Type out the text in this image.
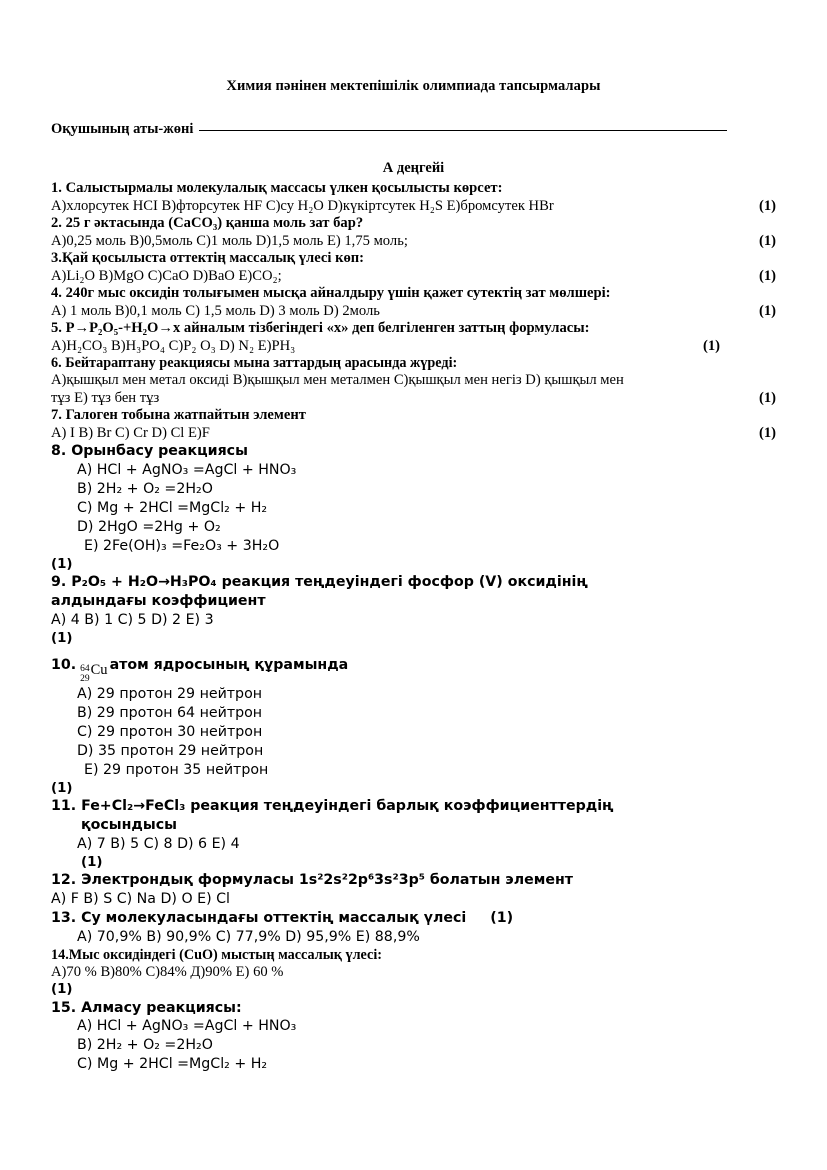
Химия пәнінен мектепішілік олимпиада тапсырмалары
Оқушының аты-жөні
А деңгейі
1. Салыстырмалы молекулалық массасы үлкен қосылысты көрсет:
A)хлорсутек HCI B)фторсутек HF C)су H₂O D)күкіртсутек H₂S E)бромсутек HBr	(1)
2. 25 г әктасында (CaCO₃) қанша моль зат бар?
A)0,25 моль B)0,5моль C)1 моль D)1,5 моль E) 1,75 моль;	(1)
3.Қай қосылыста оттектің массалық үлесі көп:
A)Li₂O B)MgO C)CaO D)BaO E)CO₂;	(1)
4. 240г мыс оксидін толығымен мысқа айналдыру үшін қажет сутектің зат мөлшері:
A) 1 моль B)0,1 моль C) 1,5 моль D) 3 моль D) 2моль	(1)
5. P→P₂O₅-+H₂O→x айналым тізбегіндегі «х» деп белгіленген заттың формуласы:
A)H₂CO₃ B)H₃PO₄ C)P₂ O₃ D) N₂ E)PH₃	(1)
6. Бейтараптану реакциясы мына заттардың арасында жүреді:
A)қышқыл мен метал оксиді B)қышқыл мен металмен C)қышқыл мен негіз D) қышқыл мен
тұз E) тұз бен тұз	(1)
7. Галоген тобына жатпайтын элемент
A) I B) Br C) Cr D) Cl E)F	(1)
8. Орынбасу реакциясы
A) HCl + AgNO₃ =AgCl + HNO₃
B) 2H₂ + O₂ =2H₂O
C) Mg + 2HCl =MgCl₂ + H₂
D) 2HgO =2Hg + O₂
E) 2Fe(OH)₃ =Fe₂O₃ + 3H₂O
(1)
9. P₂O₅ + H₂O→H₃PO₄ реакция теңдеуіндегі фосфор (V) оксидінің
алдындағы коэффициент
A) 4 B) 1 C) 5 D) 2 E) 3
(1)
10. 64
29
Cu атом ядросының құрамында
A) 29 протон 29 нейтрон
B) 29 протон 64 нейтрон
C) 29 протон 30 нейтрон
D) 35 протон 29 нейтрон
E) 29 протон 35 нейтрон
(1)
11. Fe+Cl₂→FeCl₃ реакция теңдеуіндегі барлық коэффициенттердің
қосындысы
A) 7 B) 5 C) 8 D) 6 E) 4
(1)
12. Электрондық формуласы 1s²2s²2p⁶3s²3p⁵ болатын элемент
A) F B) S C) Na D) O E) Cl
13. Су молекуласындағы оттектің массалық үлесі (1)
A) 70,9% B) 90,9% C) 77,9% D) 95,9% E) 88,9%
14.Мыс оксидіндегі (CuO) мыстың массалық үлесі:
A)70 % B)80% C)84% Д)90% E) 60 %
(1)
15. Алмасу реакциясы:
A) HCl + AgNO₃ =AgCl + HNO₃
B) 2H₂ + O₂ =2H₂O
C) Mg + 2HCl =MgCl₂ + H₂
